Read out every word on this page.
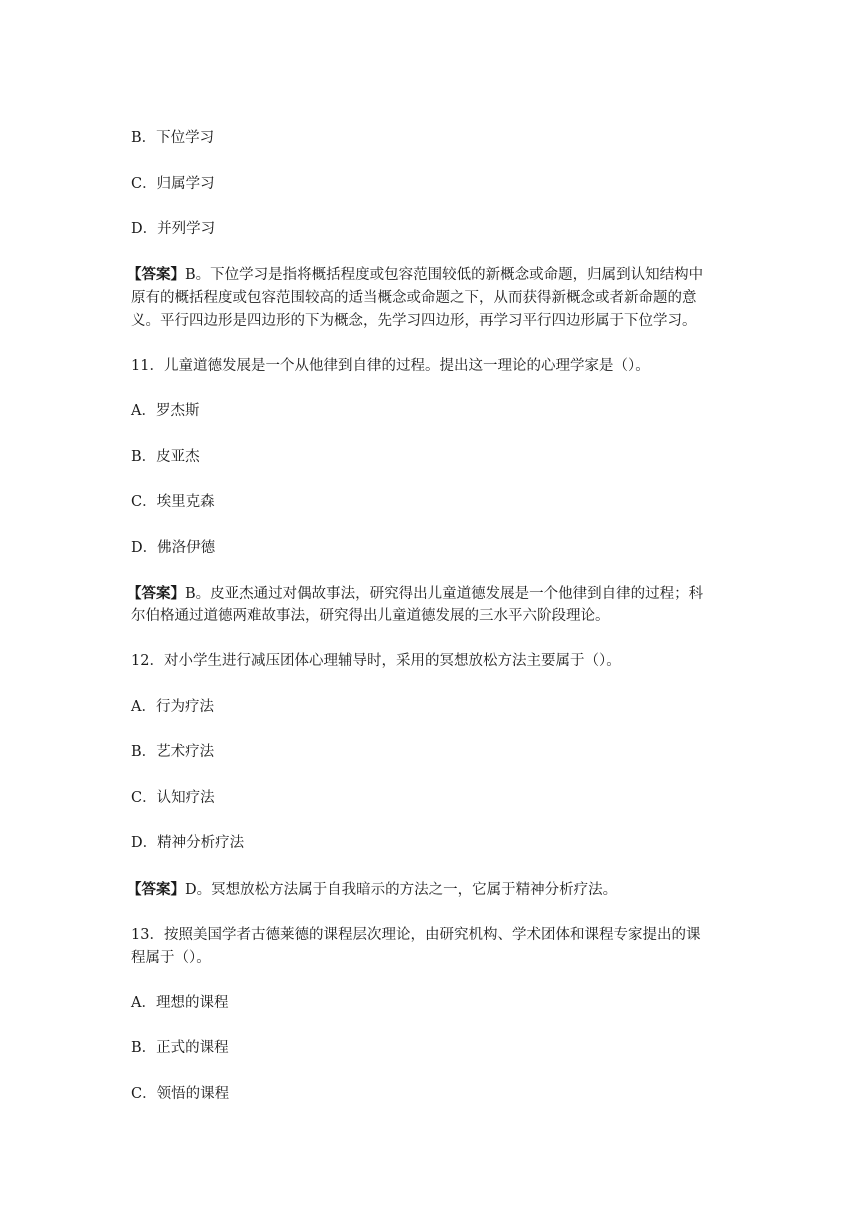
B．下位学习
C．归属学习
D．并列学习
【答案】B。下位学习是指将概括程度或包容范围较低的新概念或命题，归属到认知结构中
原有的概括程度或包容范围较高的适当概念或命题之下，从而获得新概念或者新命题的意
义。平行四边形是四边形的下为概念，先学习四边形，再学习平行四边形属于下位学习。
11．儿童道德发展是一个从他律到自律的过程。提出这一理论的心理学家是（）。
A．罗杰斯
B．皮亚杰
C．埃里克森
D．佛洛伊德
【答案】B。皮亚杰通过对偶故事法，研究得出儿童道德发展是一个他律到自律的过程；科
尔伯格通过道德两难故事法，研究得出儿童道德发展的三水平六阶段理论。
12．对小学生进行减压团体心理辅导时，采用的冥想放松方法主要属于（）。
A．行为疗法
B．艺术疗法
C．认知疗法
D．精神分析疗法
【答案】D。冥想放松方法属于自我暗示的方法之一，它属于精神分析疗法。
13．按照美国学者古德莱德的课程层次理论，由研究机构、学术团体和课程专家提出的课
程属于（）。
A．理想的课程
B．正式的课程
C．领悟的课程
